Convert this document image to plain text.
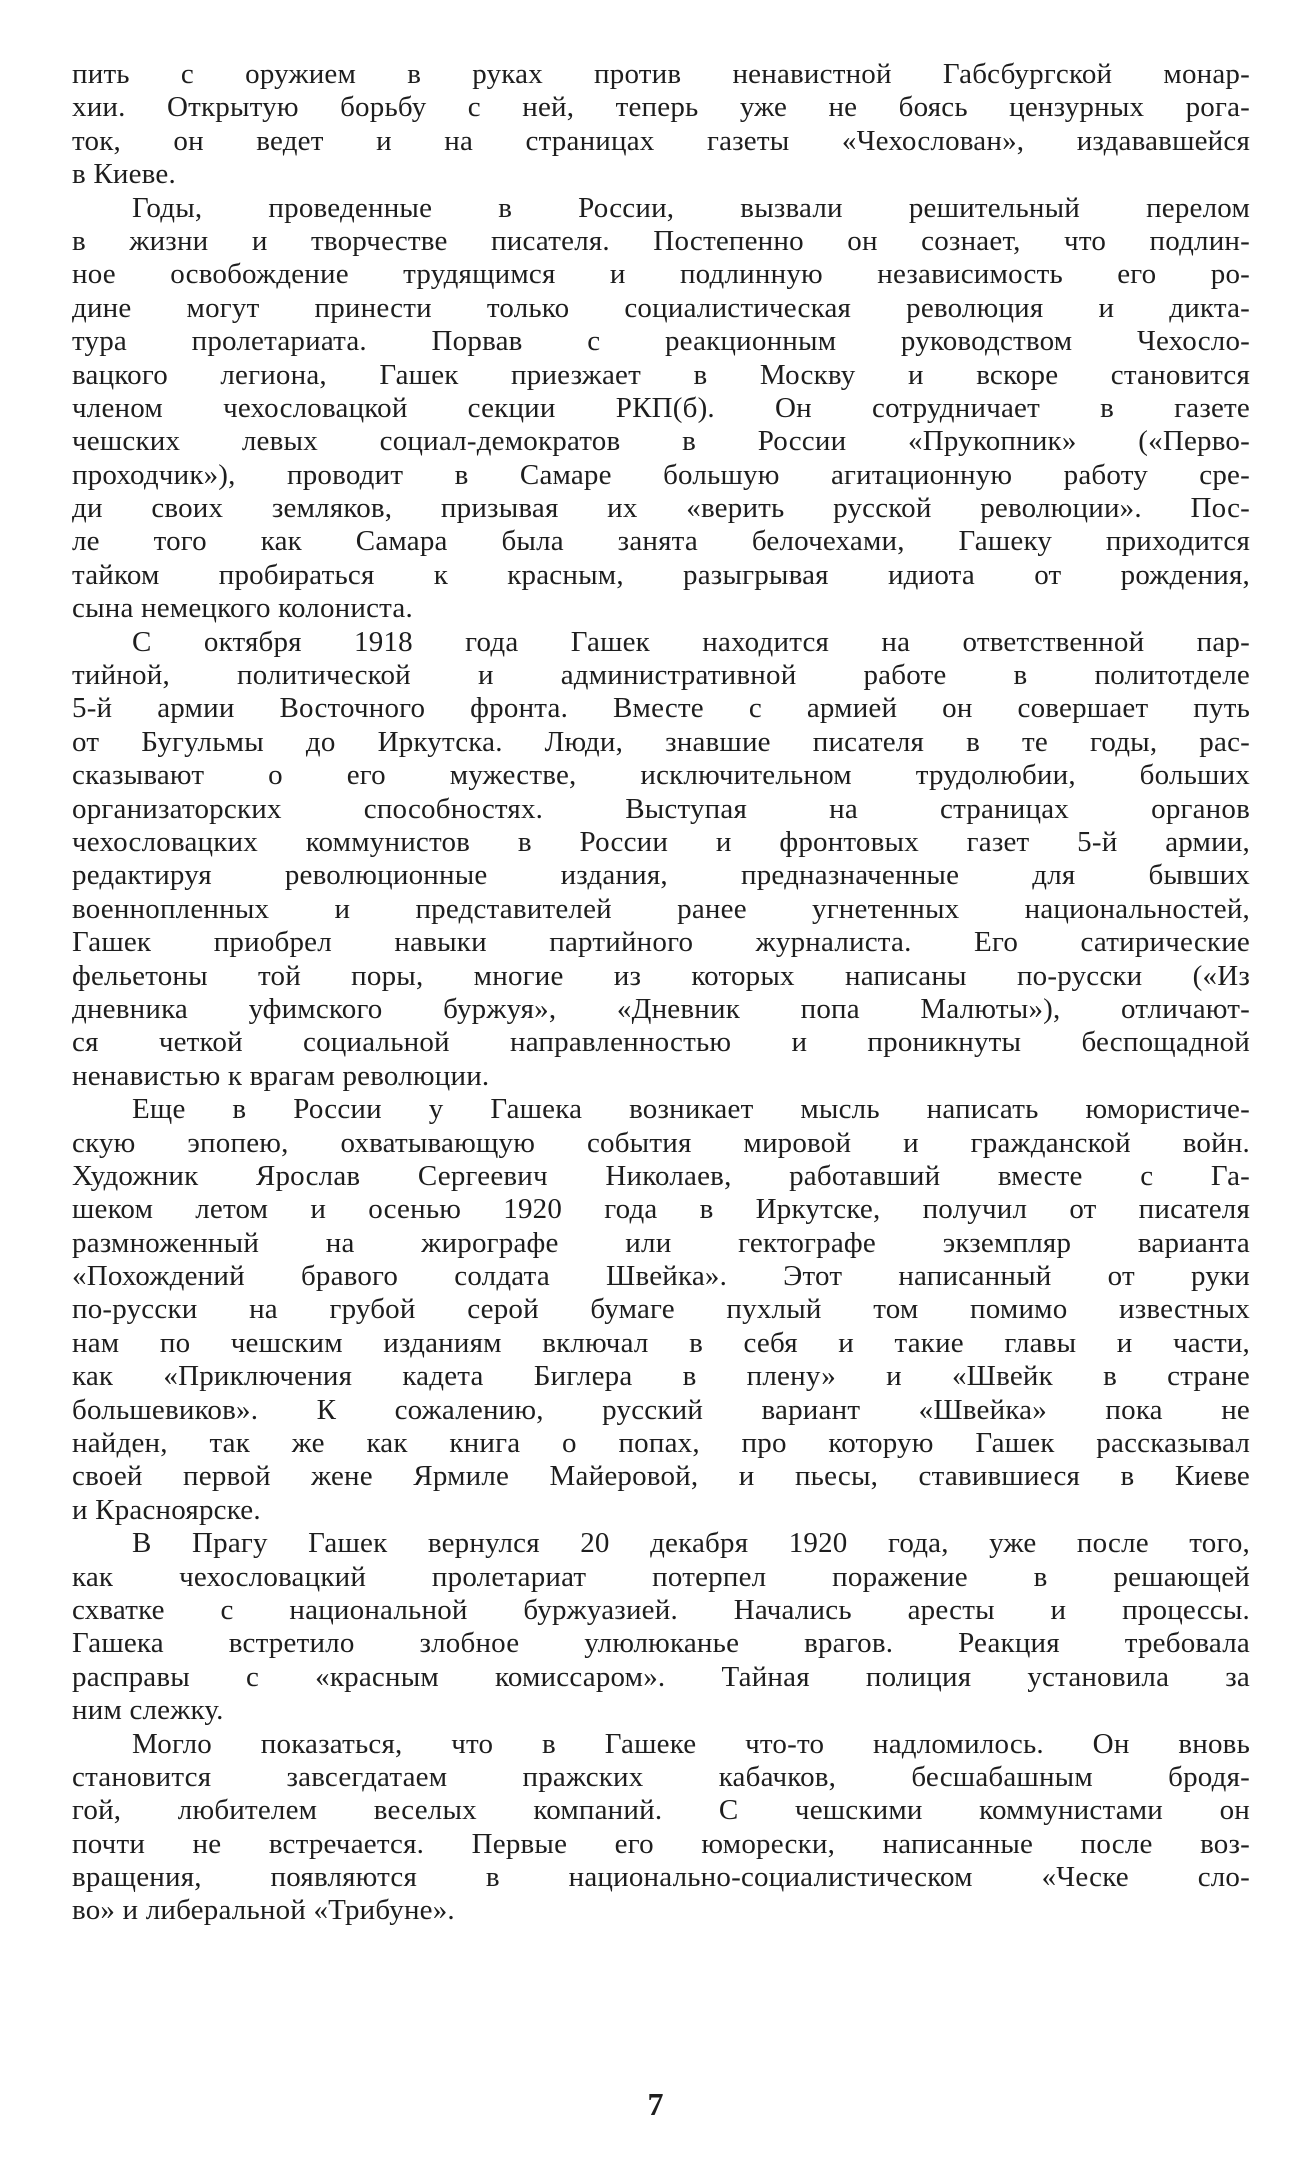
пить с оружием в руках против ненавистной Габсбургской монар-
хии. Открытую борьбу с ней, теперь уже не боясь цензурных рога-
ток, он ведет и на страницах газеты «Чехослован», издававшейся
в Киеве.
Годы, проведенные в России, вызвали решительный перелом
в жизни и творчестве писателя. Постепенно он сознает, что подлин-
ное освобождение трудящимся и подлинную независимость его ро-
дине могут принести только социалистическая революция и дикта-
тура пролетариата. Порвав с реакционным руководством Чехосло-
вацкого легиона, Гашек приезжает в Москву и вскоре становится
членом чехословацкой секции РКП(б). Он сотрудничает в газете
чешских левых социал-демократов в России «Прукопник» («Перво-
проходчик»), проводит в Самаре большую агитационную работу сре-
ди своих земляков, призывая их «верить русской революции». Пос-
ле того как Самара была занята белочехами, Гашеку приходится
тайком пробираться к красным, разыгрывая идиота от рождения,
сына немецкого колониста.
С октября 1918 года Гашек находится на ответственной пар-
тийной, политической и административной работе в политотделе
5-й армии Восточного фронта. Вместе с армией он совершает путь
от Бугульмы до Иркутска. Люди, знавшие писателя в те годы, рас-
сказывают о его мужестве, исключительном трудолюбии, больших
организаторских способностях. Выступая на страницах органов
чехословацких коммунистов в России и фронтовых газет 5-й армии,
редактируя революционные издания, предназначенные для бывших
военнопленных и представителей ранее угнетенных национальностей,
Гашек приобрел навыки партийного журналиста. Его сатирические
фельетоны той поры, многие из которых написаны по-русски («Из
дневника уфимского буржуя», «Дневник попа Малюты»), отличают-
ся четкой социальной направленностью и проникнуты беспощадной
ненавистью к врагам революции.
Еще в России у Гашека возникает мысль написать юмористиче-
скую эпопею, охватывающую события мировой и гражданской войн.
Художник Ярослав Сергеевич Николаев, работавший вместе с Га-
шеком летом и осенью 1920 года в Иркутске, получил от писателя
размноженный на жирографе или гектографе экземпляр варианта
«Похождений бравого солдата Швейка». Этот написанный от руки
по-русски на грубой серой бумаге пухлый том помимо известных
нам по чешским изданиям включал в себя и такие главы и части,
как «Приключения кадета Биглера в плену» и «Швейк в стране
большевиков». К сожалению, русский вариант «Швейка» пока не
найден, так же как книга о попах, про которую Гашек рассказывал
своей первой жене Ярмиле Майеровой, и пьесы, ставившиеся в Киеве
и Красноярске.
В Прагу Гашек вернулся 20 декабря 1920 года, уже после того,
как чехословацкий пролетариат потерпел поражение в решающей
схватке с национальной буржуазией. Начались аресты и процессы.
Гашека встретило злобное улюлюканье врагов. Реакция требовала
расправы с «красным комиссаром». Тайная полиция установила за
ним слежку.
Могло показаться, что в Гашеке что-то надломилось. Он вновь
становится завсегдатаем пражских кабачков, бесшабашным бродя-
гой, любителем веселых компаний. С чешскими коммунистами он
почти не встречается. Первые его юморески, написанные после воз-
вращения, появляются в национально-социалистическом «Ческе сло-
во» и либеральной «Трибуне».
7
